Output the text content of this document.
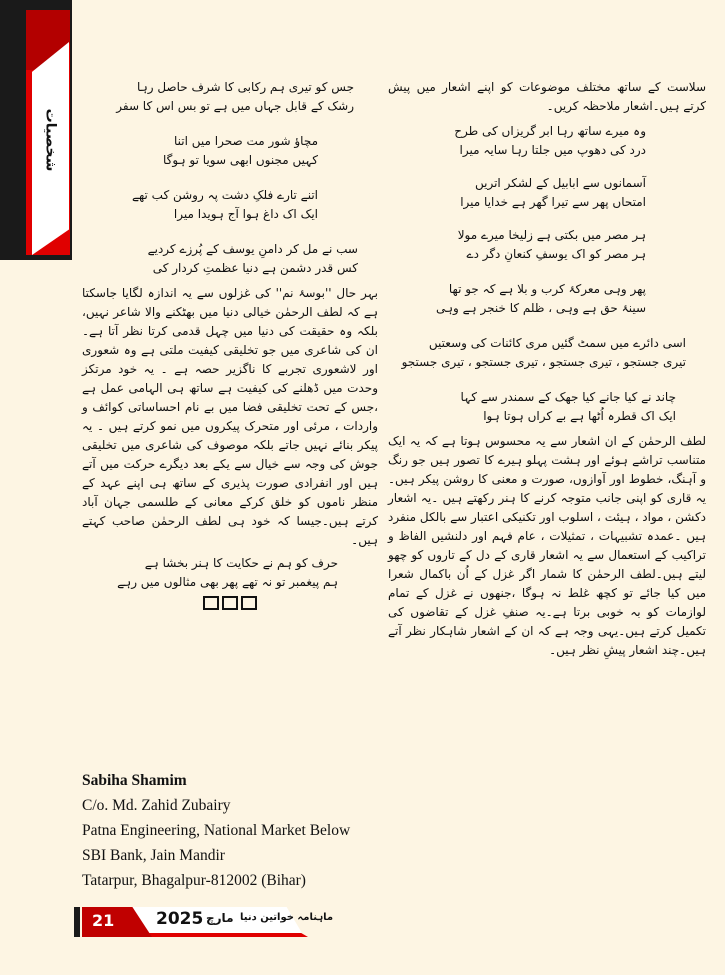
شخصیات

سلاست کے ساتھ مختلف موضوعات کو اپنے اشعار میں پیش کرتے ہیں۔اشعار ملاحظہ کریں۔

وہ میرے ساتھ رہا ابر گریزاں کی طرح
درد کی دھوپ میں جلتا رہا سایہ میرا
آسمانوں سے ابابیل کے لشکر اتریں
امتحاں پھر سے تیرا گھر ہے خدایا میرا
ہر مصر میں بکتی ہے زلیخا میرے مولا
ہر مصر کو اک یوسفِ کنعانِ دگر دے
پھر وہی معرکۂ کرب و بلا ہے کہ جو تھا
سینۂ حق ہے وہی ، ظلم کا خنجر ہے وہی
اسی دائرے میں سمٹ گئیں مری کائنات کی وسعتیں
تیری جستجو ، تیری جستجو ، تیری جستجو ، تیری جستجو
چاند نے کیا جانے کیا جھک کے سمندر سے کہا
ایک اک قطرہ اُٹھا ہے بے کراں ہوتا ہوا

لطف الرحمٰن کے ان اشعار سے یہ محسوس ہوتا ہے کہ یہ ایک متناسب تراشے ہوئے اور ہشت پہلو ہیرے کا تصور ہیں جو رنگ و آہنگ، خطوط اور آوازوں، صورت و معنی کا روشن پیکر ہیں۔یہ قاری کو اپنی جانب متوجہ کرنے کا ہنر رکھتے ہیں ۔یہ اشعار دکشن ، مواد ، ہیئت ، اسلوب اور تکنیکی اعتبار سے بالکل منفرد ہیں ۔عمدہ تشبیہات ، تمثیلات ، عام فہم اور دلنشیں الفاظ و تراکیب کے استعمال سے یہ اشعار قاری کے دل کے تاروں کو چھو لیتے ہیں۔لطف الرحمٰن کا شمار اگر غزل کے اُن باکمال شعرا میں کیا جائے تو کچھ غلط نہ ہوگا ،جنھوں نے غزل کے تمام لوازمات کو بہ خوبی برتا ہے۔یہ صنفِ غزل کے تقاضوں کی تکمیل کرتے ہیں۔یہی وجہ ہے کہ ان کے اشعار شاہکار نظر آتے ہیں۔چند اشعار پیشِ نظر ہیں۔

جس کو تیری ہم رکابی کا شرف حاصل رہا
رشک کے قابل جہاں میں ہے تو بس اس کا سفر
مچاؤ شور مت صحرا میں اتنا
کہیں مجنوں ابھی سویا تو ہوگا
اتنے تارے فلکِ دشت پہ روشن کب تھے
ایک اک داغ ہوا آج ہویدا میرا
سب نے مل کر دامنِ یوسف کے پُرزے کردیے
کس قدر دشمن ہے دنیا عظمتِ کردار کی

بہر حال ''بوسۂ نم'' کی غزلوں سے یہ اندازہ لگایا جاسکتا ہے کہ لطف الرحمٰن خیالی دنیا میں بھٹکنے والا شاعر نہیں، بلکہ وہ حقیقت کی دنیا میں چہل قدمی کرتا نظر آتا ہے۔ان کی شاعری میں جو تخلیقی کیفیت ملتی ہے وہ شعوری اور لاشعوری تجربے کا ناگزیر حصہ ہے ۔ یہ خود مرتکز وحدت میں ڈھلنے کی کیفیت ہے ساتھ ہی الہامی عمل ہے ،جس کے تحت تخلیقی فضا میں بے نام احساساتی کوائف و واردات ، مرئی اور متحرک پیکروں میں نمو کرتے ہیں ۔ یہ پیکر بنائے نہیں جاتے بلکہ موصوف کی شاعری میں تخلیقی جوش کی وجہ سے خیال سے یکے بعد دیگرے حرکت میں آتے ہیں اور انفرادی صورت پذیری کے ساتھ ہی اپنے عہد کے منظر ناموں کو خلق کرکے معانی کے طلسمی جہان آباد کرتے ہیں۔جیسا کہ خود ہی لطف الرحمٰن صاحب کہتے ہیں۔

حرف کو ہم نے حکایت کا ہنر بخشا ہے
ہم پیغمبر تو نہ تھے پھر بھی مثالوں میں رہے
Sabiha Shamim
C/o. Md. Zahid Zubairy
Patna Engineering, National Market Below
SBI Bank, Jain Mandir
Tatarpur, Bhagalpur-812002 (Bihar)
21 2025 مارچ ماہنامہ خواتین دنیا
